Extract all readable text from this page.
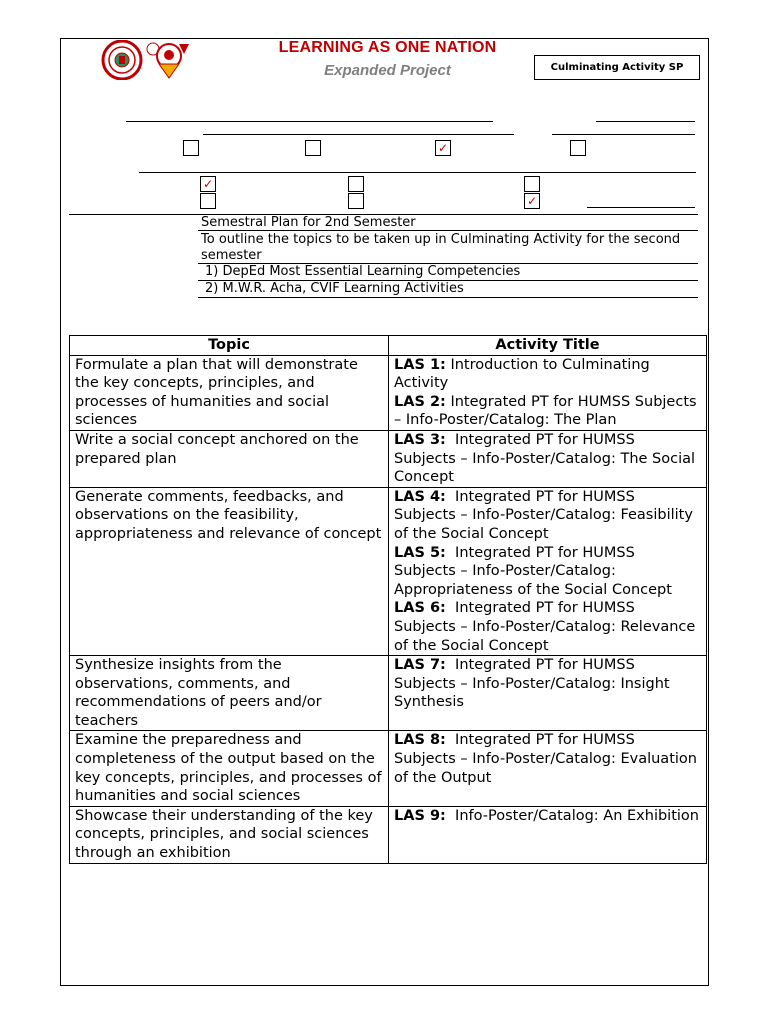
LEARNING AS ONE NATION
Expanded Project	Culminating Activity SP
✓
✓
✓
Semestral Plan for 2nd Semester
To outline the topics to be taken up in Culminating Activity for the second semester
1) DepEd Most Essential Learning Competencies
2) M.W.R. Acha, CVIF Learning Activities
Topic	Activity Title
Formulate a plan that will demonstrate the key concepts, principles, and processes of humanities and social sciences	LAS 1: Introduction to Culminating Activity
LAS 2: Integrated PT for HUMSS Subjects – Info-Poster/Catalog: The Plan

Write a social concept anchored on the prepared plan	LAS 3:  Integrated PT for HUMSS Subjects – Info-Poster/Catalog: The Social Concept

Generate comments, feedbacks, and observations on the feasibility, appropriateness and relevance of concept	LAS 4:  Integrated PT for HUMSS Subjects – Info-Poster/Catalog: Feasibility of the Social Concept
LAS 5:  Integrated PT for HUMSS Subjects – Info-Poster/Catalog: Appropriateness of the Social Concept
LAS 6:  Integrated PT for HUMSS Subjects – Info-Poster/Catalog: Relevance of the Social Concept

Synthesize insights from the observations, comments, and recommendations of peers and/or teachers	LAS 7:  Integrated PT for HUMSS Subjects – Info-Poster/Catalog: Insight Synthesis

Examine the preparedness and completeness of the output based on the key concepts, principles, and processes of humanities and social sciences	LAS 8:  Integrated PT for HUMSS Subjects – Info-Poster/Catalog: Evaluation of the Output

Showcase their understanding of the key concepts, principles, and social sciences through an exhibition	LAS 9:  Info-Poster/Catalog: An Exhibition
